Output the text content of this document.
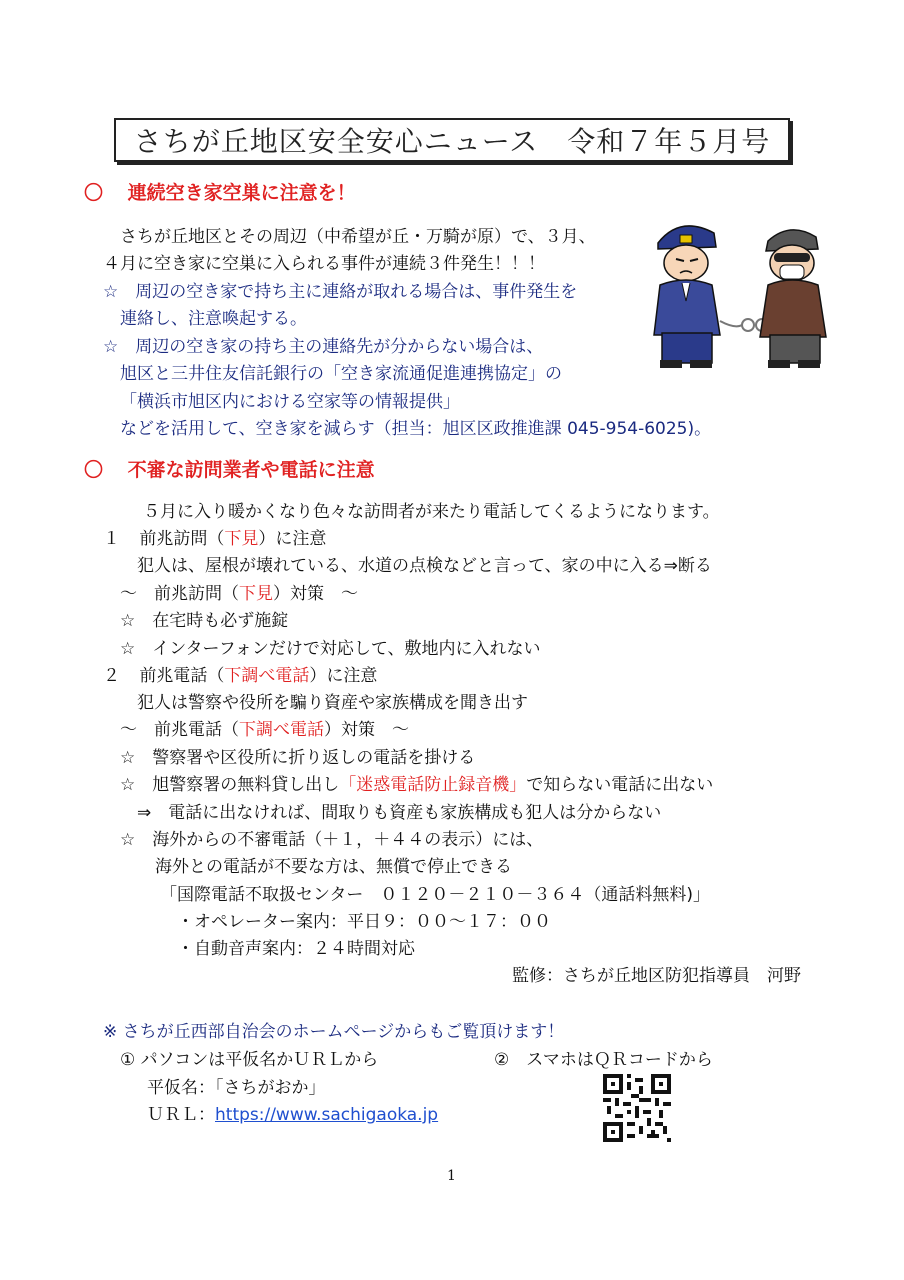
さちが丘地区安全安心ニュース　令和７年５月号
〇 連続空き家空巣に注意を！
さちが丘地区とその周辺（中希望が丘・万騎が原）で、３月、
４月に空き家に空巣に入られる事件が連続３件発生！！！
☆　周辺の空き家で持ち主に連絡が取れる場合は、事件発生を
連絡し、注意喚起する。
☆　周辺の空き家の持ち主の連絡先が分からない場合は、
旭区と三井住友信託銀行の「空き家流通促進連携協定」の
「横浜市旭区内における空家等の情報提供」
などを活用して、空き家を減らす（担当：旭区区政推進課 045-954-6025)。
〇 不審な訪問業者や電話に注意
５月に入り暖かくなり色々な訪問者が来たり電話してくるようになります。
１ 前兆訪問（下見）に注意
犯人は、屋根が壊れている、水道の点検などと言って、家の中に入る⇒断る
～　前兆訪問（下見）対策　～
☆　在宅時も必ず施錠
☆　インターフォンだけで対応して、敷地内に入れない
２ 前兆電話（下調べ電話）に注意
犯人は警察や役所を騙り資産や家族構成を聞き出す
～　前兆電話（下調べ電話）対策　～
☆　警察署や区役所に折り返しの電話を掛ける
☆　旭警察署の無料貸し出し「迷惑電話防止録音機」で知らない電話に出ない
⇒　電話に出なければ、間取りも資産も家族構成も犯人は分からない
☆　海外からの不審電話（＋１，＋４４の表示）には、
海外との電話が不要な方は、無償で停止できる
「国際電話不取扱センター　０１２０－２１０－３６４（通話料無料)」
・オペレーター案内：平日９：００～１７：００
・自動音声案内：２４時間対応
監修：さちが丘地区防犯指導員　河野
※ さちが丘西部自治会のホームページからもご覧頂けます！
① パソコンは平仮名かＵＲＬから	②　スマホはＱＲコードから
平仮名：「さちがおか」
ＵＲＬ：https://www.sachigaoka.jp
1
